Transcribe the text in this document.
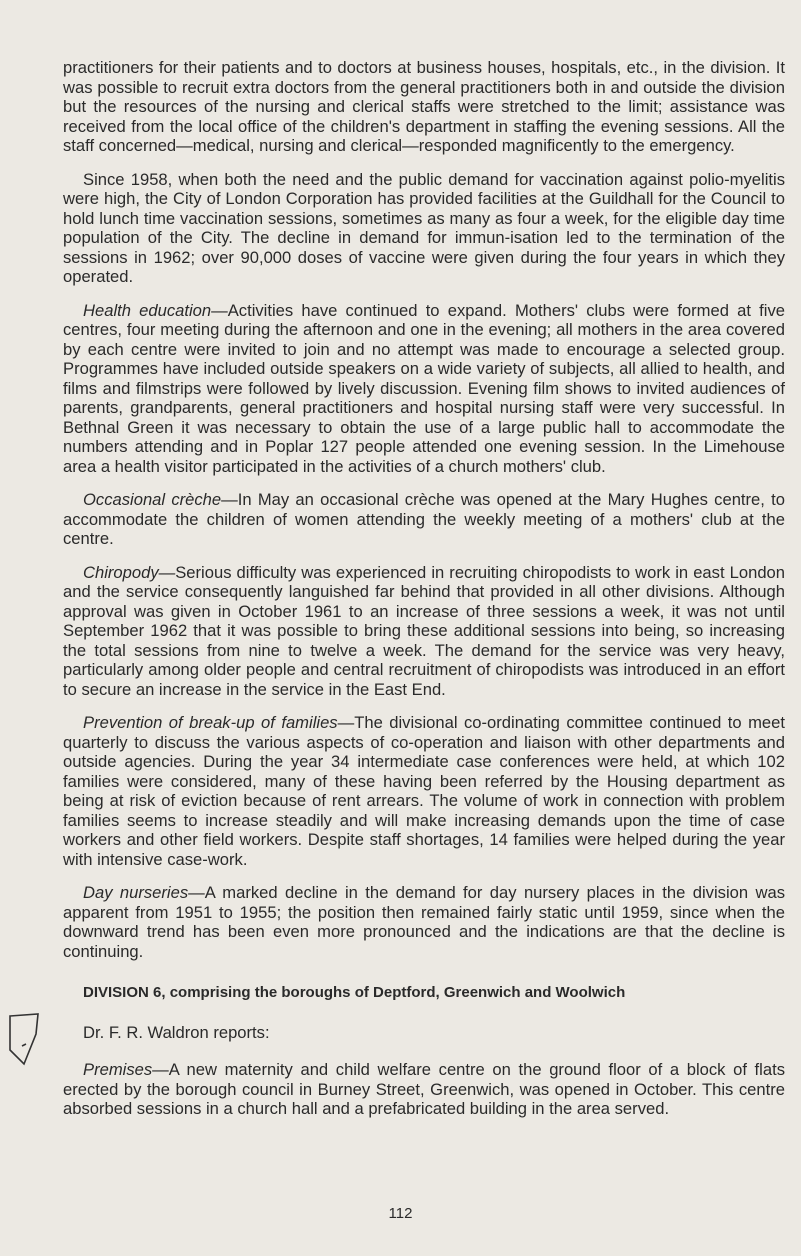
practitioners for their patients and to doctors at business houses, hospitals, etc., in the division. It was possible to recruit extra doctors from the general practitioners both in and outside the division but the resources of the nursing and clerical staffs were stretched to the limit; assistance was received from the local office of the children's department in staffing the evening sessions. All the staff concerned—medical, nursing and clerical—responded magnificently to the emergency.

Since 1958, when both the need and the public demand for vaccination against polio-myelitis were high, the City of London Corporation has provided facilities at the Guildhall for the Council to hold lunch time vaccination sessions, sometimes as many as four a week, for the eligible day time population of the City. The decline in demand for immun-isation led to the termination of the sessions in 1962; over 90,000 doses of vaccine were given during the four years in which they operated.

Health education—Activities have continued to expand. Mothers' clubs were formed at five centres, four meeting during the afternoon and one in the evening; all mothers in the area covered by each centre were invited to join and no attempt was made to encourage a selected group. Programmes have included outside speakers on a wide variety of subjects, all allied to health, and films and filmstrips were followed by lively discussion. Evening film shows to invited audiences of parents, grandparents, general practitioners and hospital nursing staff were very successful. In Bethnal Green it was necessary to obtain the use of a large public hall to accommodate the numbers attending and in Poplar 127 people attended one evening session. In the Limehouse area a health visitor participated in the activities of a church mothers' club.

Occasional crèche—In May an occasional crèche was opened at the Mary Hughes centre, to accommodate the children of women attending the weekly meeting of a mothers' club at the centre.

Chiropody—Serious difficulty was experienced in recruiting chiropodists to work in east London and the service consequently languished far behind that provided in all other divisions. Although approval was given in October 1961 to an increase of three sessions a week, it was not until September 1962 that it was possible to bring these additional sessions into being, so increasing the total sessions from nine to twelve a week. The demand for the service was very heavy, particularly among older people and central recruitment of chiropodists was introduced in an effort to secure an increase in the service in the East End.

Prevention of break-up of families—The divisional co-ordinating committee continued to meet quarterly to discuss the various aspects of co-operation and liaison with other departments and outside agencies. During the year 34 intermediate case conferences were held, at which 102 families were considered, many of these having been referred by the Housing department as being at risk of eviction because of rent arrears. The volume of work in connection with problem families seems to increase steadily and will make increasing demands upon the time of case workers and other field workers. Despite staff shortages, 14 families were helped during the year with intensive case-work.

Day nurseries—A marked decline in the demand for day nursery places in the division was apparent from 1951 to 1955; the position then remained fairly static until 1959, since when the downward trend has been even more pronounced and the indications are that the decline is continuing.

DIVISION 6, comprising the boroughs of Deptford, Greenwich and Woolwich

Dr. F. R. Waldron reports:

Premises—A new maternity and child welfare centre on the ground floor of a block of flats erected by the borough council in Burney Street, Greenwich, was opened in October. This centre absorbed sessions in a church hall and a prefabricated building in the area served.

112
